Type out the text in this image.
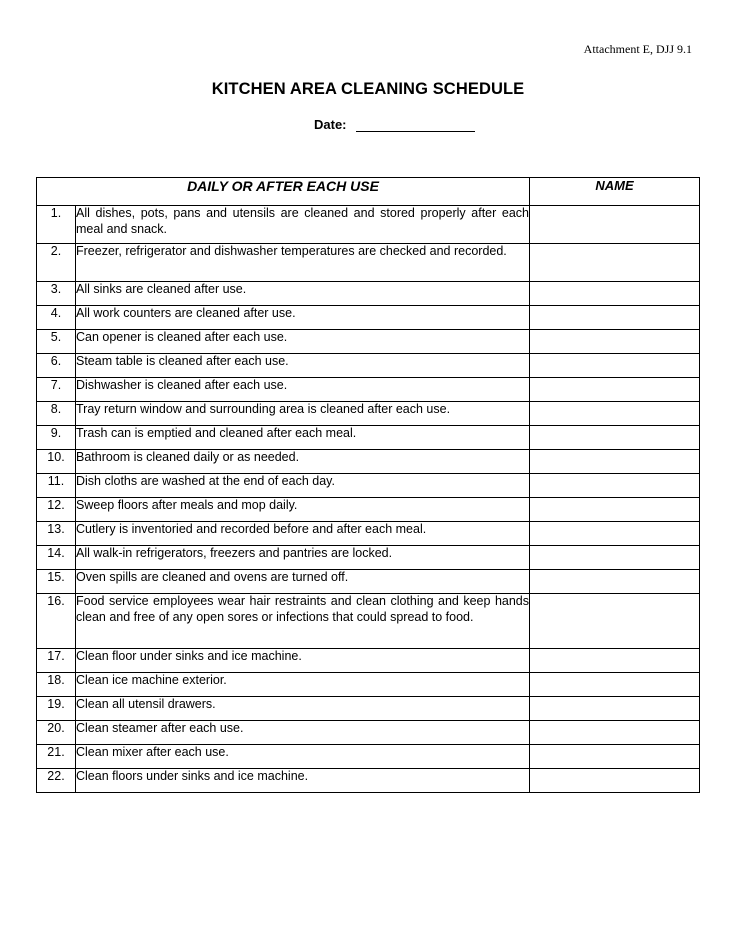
Attachment E, DJJ 9.1
KITCHEN AREA CLEANING SCHEDULE
Date:
DAILY OR AFTER EACH USE		NAME
1.	All dishes, pots, pans and utensils are cleaned and stored properly after each meal and snack.	
2.	Freezer, refrigerator and dishwasher temperatures are checked and recorded.	
3.	All sinks are cleaned after use.	
4.	All work counters are cleaned after use.	
5.	Can opener is cleaned after each use.	
6.	Steam table is cleaned after each use.	
7.	Dishwasher is cleaned after each use.	
8.	Tray return window and surrounding area is cleaned after each use.	
9.	Trash can is emptied and cleaned after each meal.	
10.	Bathroom is cleaned daily or as needed.	
11.	Dish cloths are washed at the end of each day.	
12.	Sweep floors after meals and mop daily.	
13.	Cutlery is inventoried and recorded before and after each meal.	
14.	All walk-in refrigerators, freezers and pantries are locked.	
15.	Oven spills are cleaned and ovens are turned off.	
16.	Food service employees wear hair restraints and clean clothing and keep hands clean and free of any open sores or infections that could spread to food.	
17.	Clean floor under sinks and ice machine.	
18.	Clean ice machine exterior.	
19.	Clean all utensil drawers.	
20.	Clean steamer after each use.	
21.	Clean mixer after each use.	
22.	Clean floors under sinks and ice machine.	
